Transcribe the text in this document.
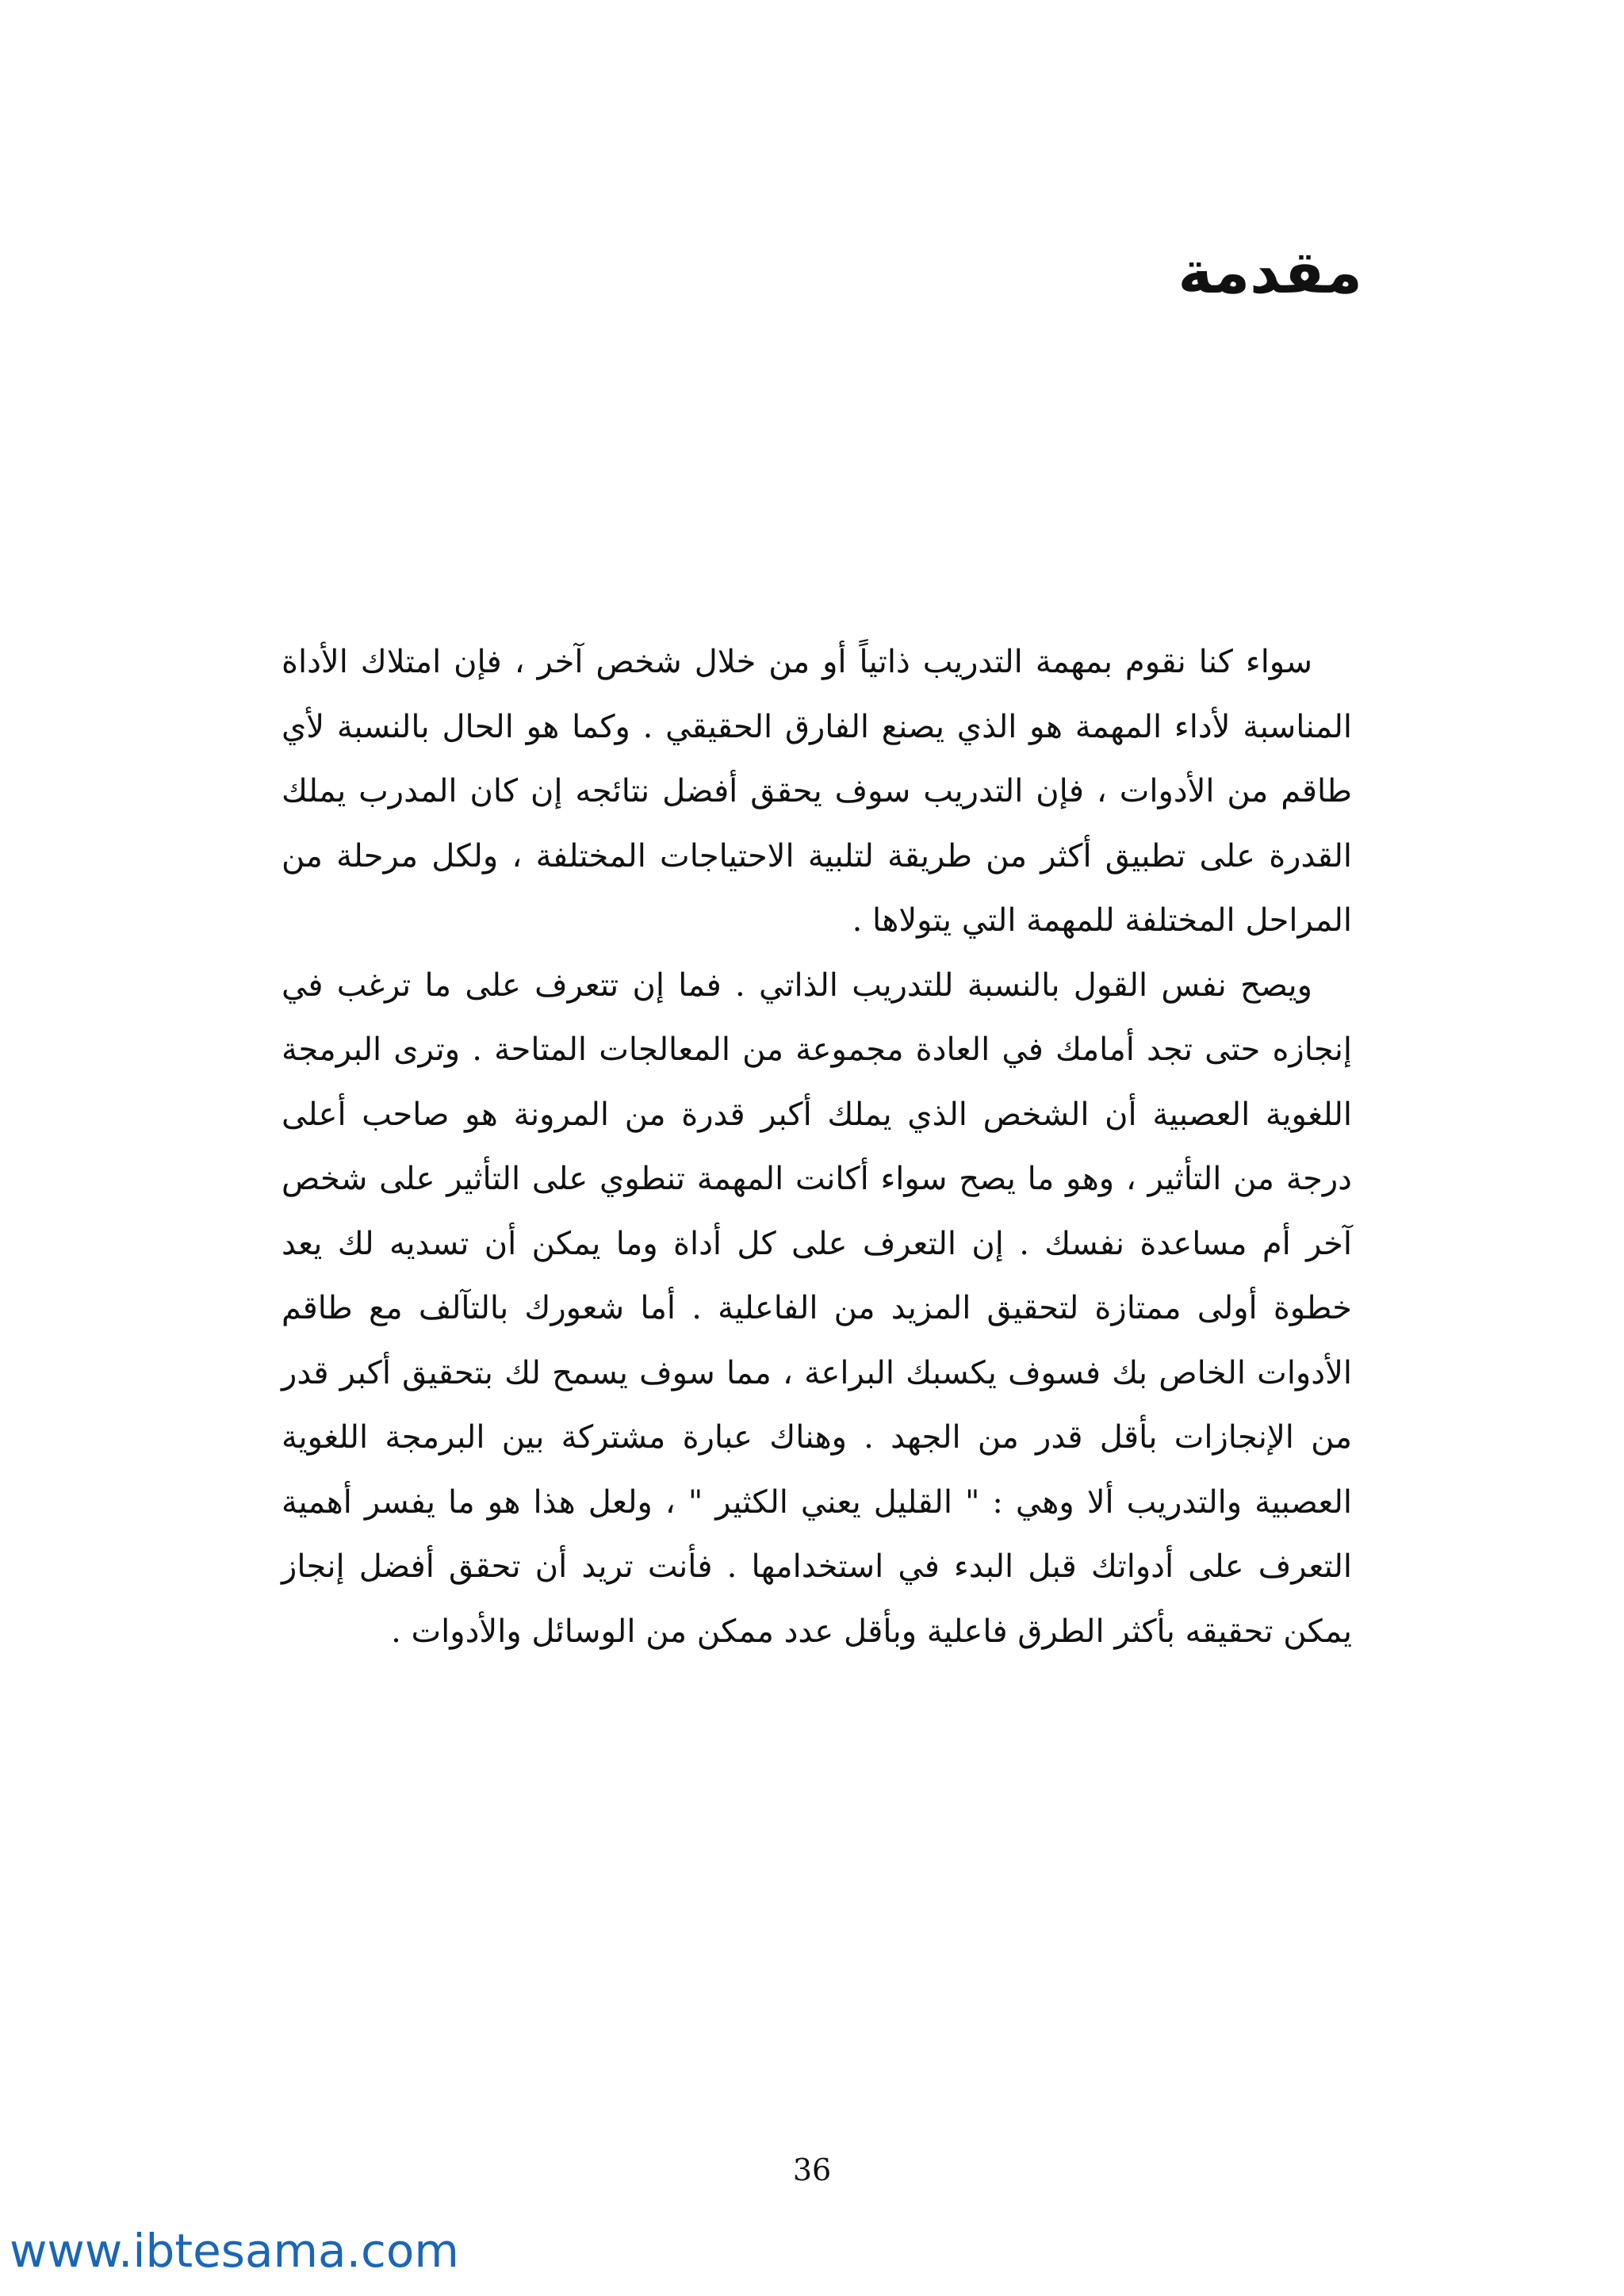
مقدمة

سواء كنا نقوم بمهمة التدريب ذاتياً أو من خلال شخص آخر ، فإن امتلاك الأداة المناسبة لأداء المهمة هو الذي يصنع الفارق الحقيقي . وكما هو الحال بالنسبة لأي طاقم من الأدوات ، فإن التدريب سوف يحقق أفضل نتائجه إن كان المدرب يملك القدرة على تطبيق أكثر من طريقة لتلبية الاحتياجات المختلفة ، ولكل مرحلة من المراحل المختلفة للمهمة التي يتولاها .

ويصح نفس القول بالنسبة للتدريب الذاتي . فما إن تتعرف على ما ترغب في إنجازه حتى تجد أمامك في العادة مجموعة من المعالجات المتاحة . وترى البرمجة اللغوية العصبية أن الشخص الذي يملك أكبر قدرة من المرونة هو صاحب أعلى درجة من التأثير ، وهو ما يصح سواء أكانت المهمة تنطوي على التأثير على شخص آخر أم مساعدة نفسك . إن التعرف على كل أداة وما يمكن أن تسديه لك يعد خطوة أولى ممتازة لتحقيق المزيد من الفاعلية . أما شعورك بالتآلف مع طاقم الأدوات الخاص بك فسوف يكسبك البراعة ، مما سوف يسمح لك بتحقيق أكبر قدر من الإنجازات بأقل قدر من الجهد . وهناك عبارة مشتركة بين البرمجة اللغوية العصبية والتدريب ألا وهي : " القليل يعني الكثير " ، ولعل هذا هو ما يفسر أهمية التعرف على أدواتك قبل البدء في استخدامها . فأنت تريد أن تحقق أفضل إنجاز يمكن تحقيقه بأكثر الطرق فاعلية وبأقل عدد ممكن من الوسائل والأدوات .

36
www.ibtesama.com
